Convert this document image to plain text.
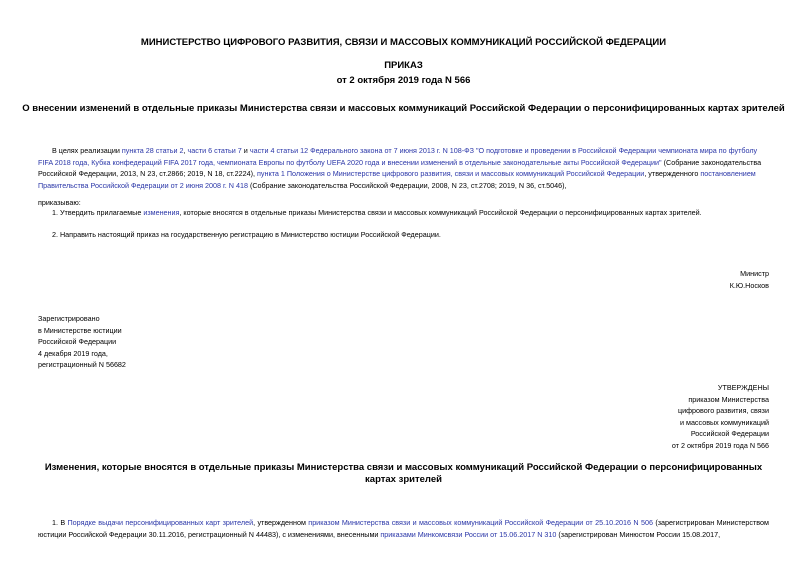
МИНИСТЕРСТВО ЦИФРОВОГО РАЗВИТИЯ, СВЯЗИ И МАССОВЫХ КОММУНИКАЦИЙ РОССИЙСКОЙ ФЕДЕРАЦИИ
ПРИКАЗ
от 2 октября 2019 года N 566
О внесении изменений в отдельные приказы Министерства связи и массовых коммуникаций Российской Федерации о персонифицированных картах зрителей
В целях реализации пункта 28 статьи 2, части 6 статьи 7 и части 4 статьи 12 Федерального закона от 7 июня 2013 г. N 108-ФЗ "О подготовке и проведении в Российской Федерации чемпионата мира по футболу FIFA 2018 года, Кубка конфедераций FIFA 2017 года, чемпионата Европы по футболу UEFA 2020 года и внесении изменений в отдельные законодательные акты Российской Федерации" (Собрание законодательства Российской Федерации, 2013, N 23, ст.2866; 2019, N 18, ст.2224), пункта 1 Положения о Министерстве цифрового развития, связи и массовых коммуникаций Российской Федерации, утвержденного постановлением Правительства Российской Федерации от 2 июня 2008 г. N 418 (Собрание законодательства Российской Федерации, 2008, N 23, ст.2708; 2019, N 36, ст.5046),
приказываю:
1. Утвердить прилагаемые изменения, которые вносятся в отдельные приказы Министерства связи и массовых коммуникаций Российской Федерации о персонифицированных картах зрителей.
2. Направить настоящий приказ на государственную регистрацию в Министерство юстиции Российской Федерации.
Министр
К.Ю.Носков
Зарегистрировано
в Министерстве юстиции
Российской Федерации
4 декабря 2019 года,
регистрационный N 56682
УТВЕРЖДЕНЫ
приказом Министерства
цифрового развития, связи
и массовых коммуникаций
Российской Федерации
от 2 октября 2019 года N 566
Изменения, которые вносятся в отдельные приказы Министерства связи и массовых коммуникаций Российской Федерации о персонифицированных картах зрителей
1. В Порядке выдачи персонифицированных карт зрителей, утвержденном приказом Министерства связи и массовых коммуникаций Российской Федерации от 25.10.2016 N 506 (зарегистрирован Министерством юстиции Российской Федерации 30.11.2016, регистрационный N 44483), с изменениями, внесенными приказами Минкомсвязи России от 15.06.2017 N 310 (зарегистрирован Минюстом России 15.08.2017,
